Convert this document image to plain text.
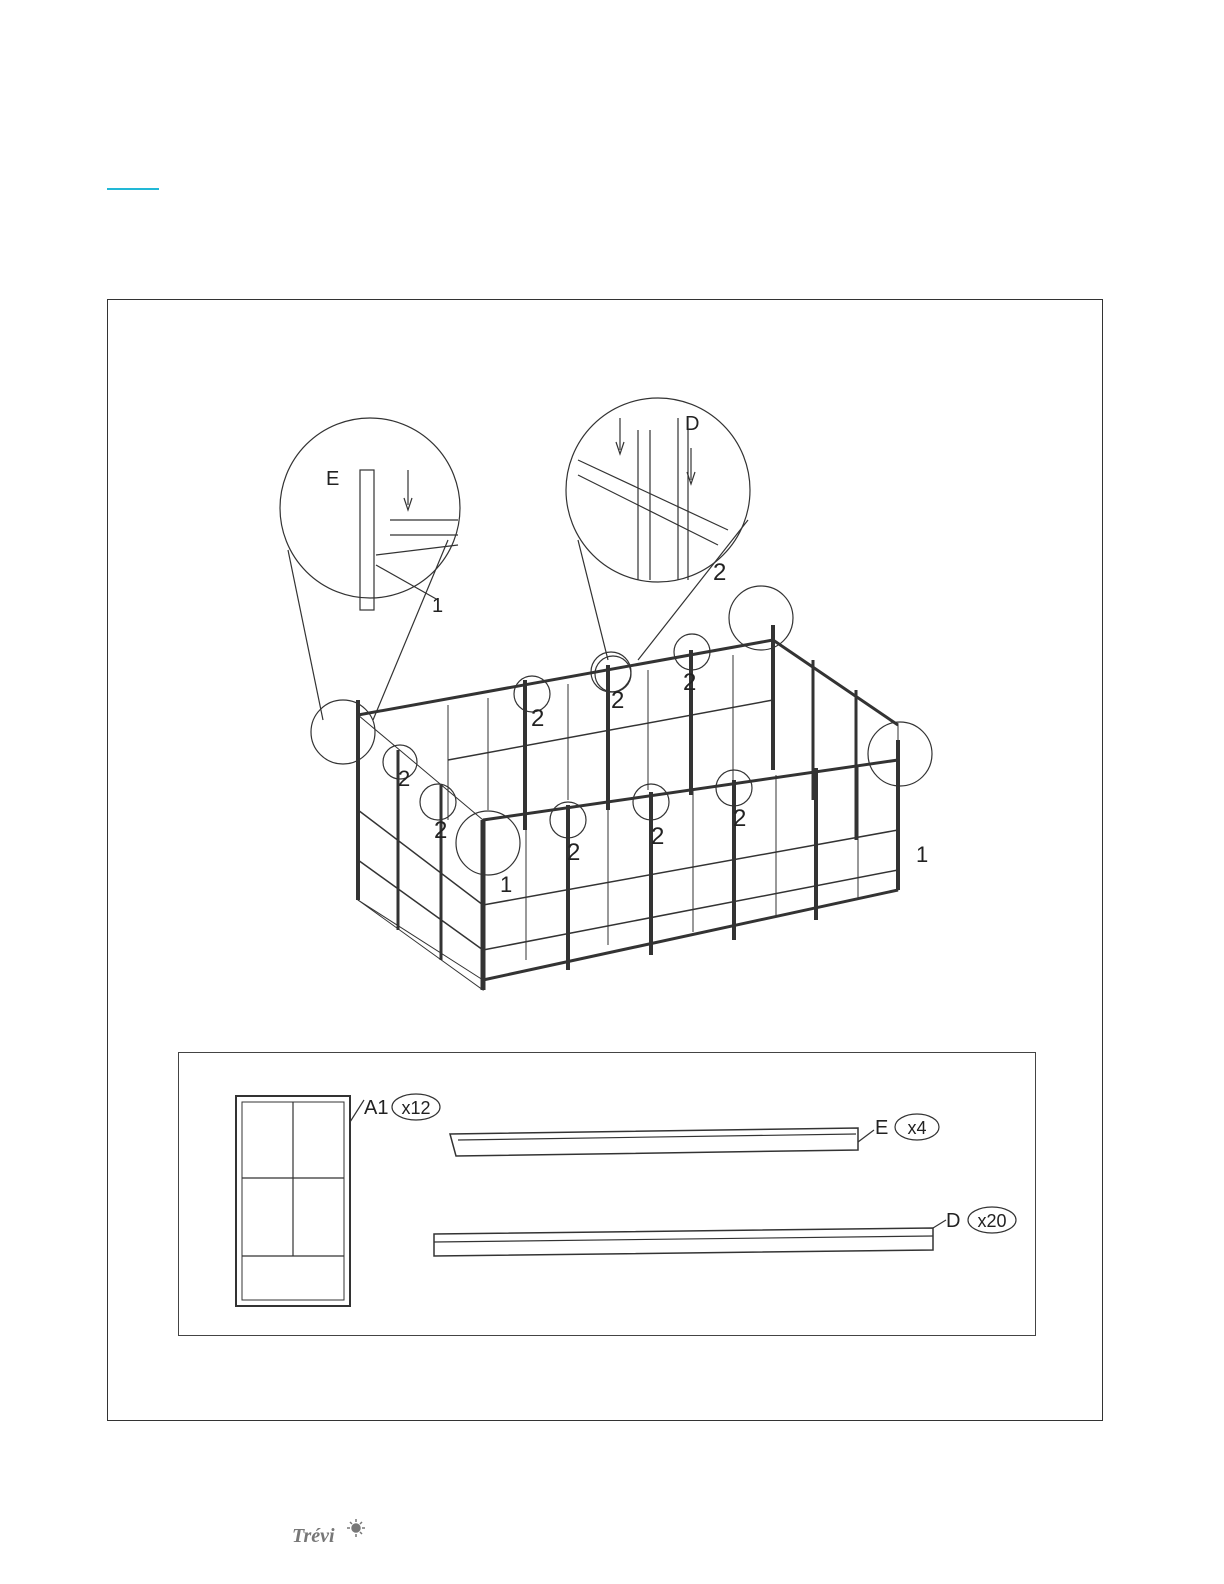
E
1
D
2
2
2
2
2
2
2
2
2
1
1
A1 x12
E x4
D x20
Trévi
